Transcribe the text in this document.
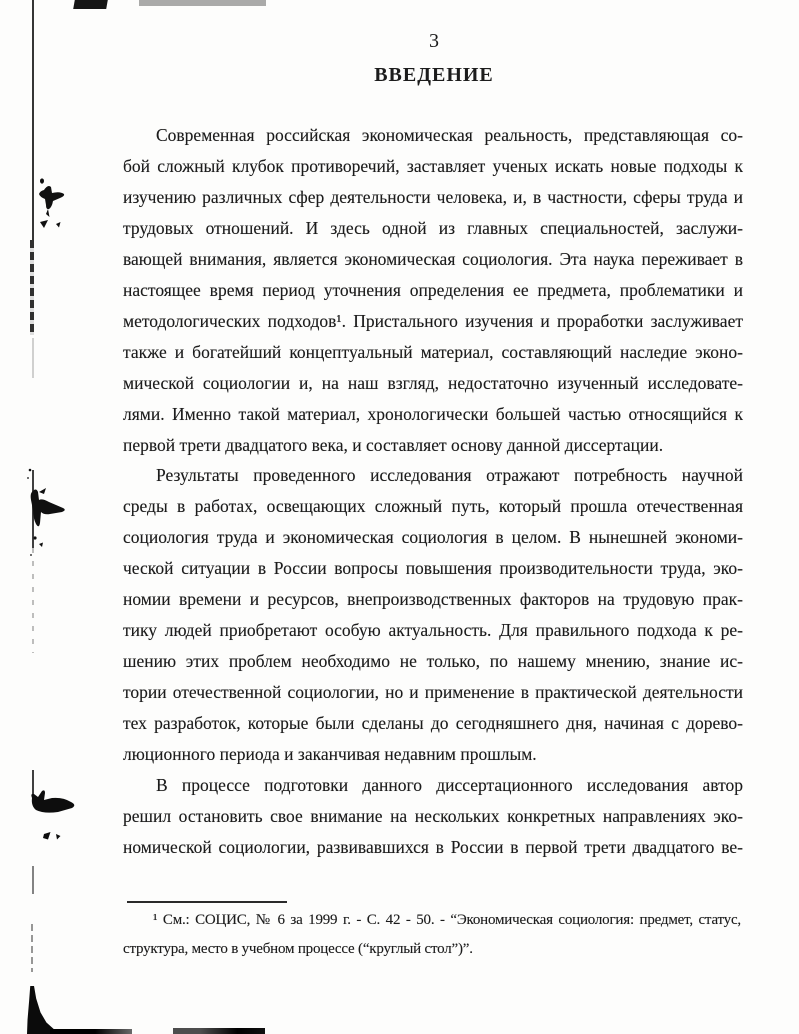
3
ВВЕДЕНИЕ
Современная российская экономическая реальность, представляющая со-
бой сложный клубок противоречий, заставляет ученых искать новые подходы к
изучению различных сфер деятельности человека, и, в частности, сферы труда и
трудовых отношений. И здесь одной из главных специальностей, заслужи-
вающей внимания, является экономическая социология. Эта наука переживает в
настоящее время период уточнения определения ее предмета, проблематики и
методологических подходов¹. Пристального изучения и проработки заслуживает
также и богатейший концептуальный материал, составляющий наследие эконо-
мической социологии и, на наш взгляд, недостаточно изученный исследовате-
лями. Именно такой материал, хронологически большей частью относящийся к
первой трети двадцатого века, и составляет основу данной диссертации.
Результаты проведенного исследования отражают потребность научной
среды в работах, освещающих сложный путь, который прошла отечественная
социология труда и экономическая социология в целом. В нынешней экономи-
ческой ситуации в России вопросы повышения производительности труда, эко-
номии времени и ресурсов, внепроизводственных факторов на трудовую прак-
тику людей приобретают особую актуальность. Для правильного подхода к ре-
шению этих проблем необходимо не только, по нашему мнению, знание ис-
тории отечественной социологии, но и применение в практической деятельности
тех разработок, которые были сделаны до сегодняшнего дня, начиная с дорево-
люционного периода и заканчивая недавним прошлым.
В процессе подготовки данного диссертационного исследования автор
решил остановить свое внимание на нескольких конкретных направлениях эко-
номической социологии, развивавшихся в России в первой трети двадцатого ве-
¹ См.: СОЦИС, № 6 за 1999 г. - С. 42 - 50. - “Экономическая социология: предмет, статус,
структура, место в учебном процессе (“круглый стол”)”.
